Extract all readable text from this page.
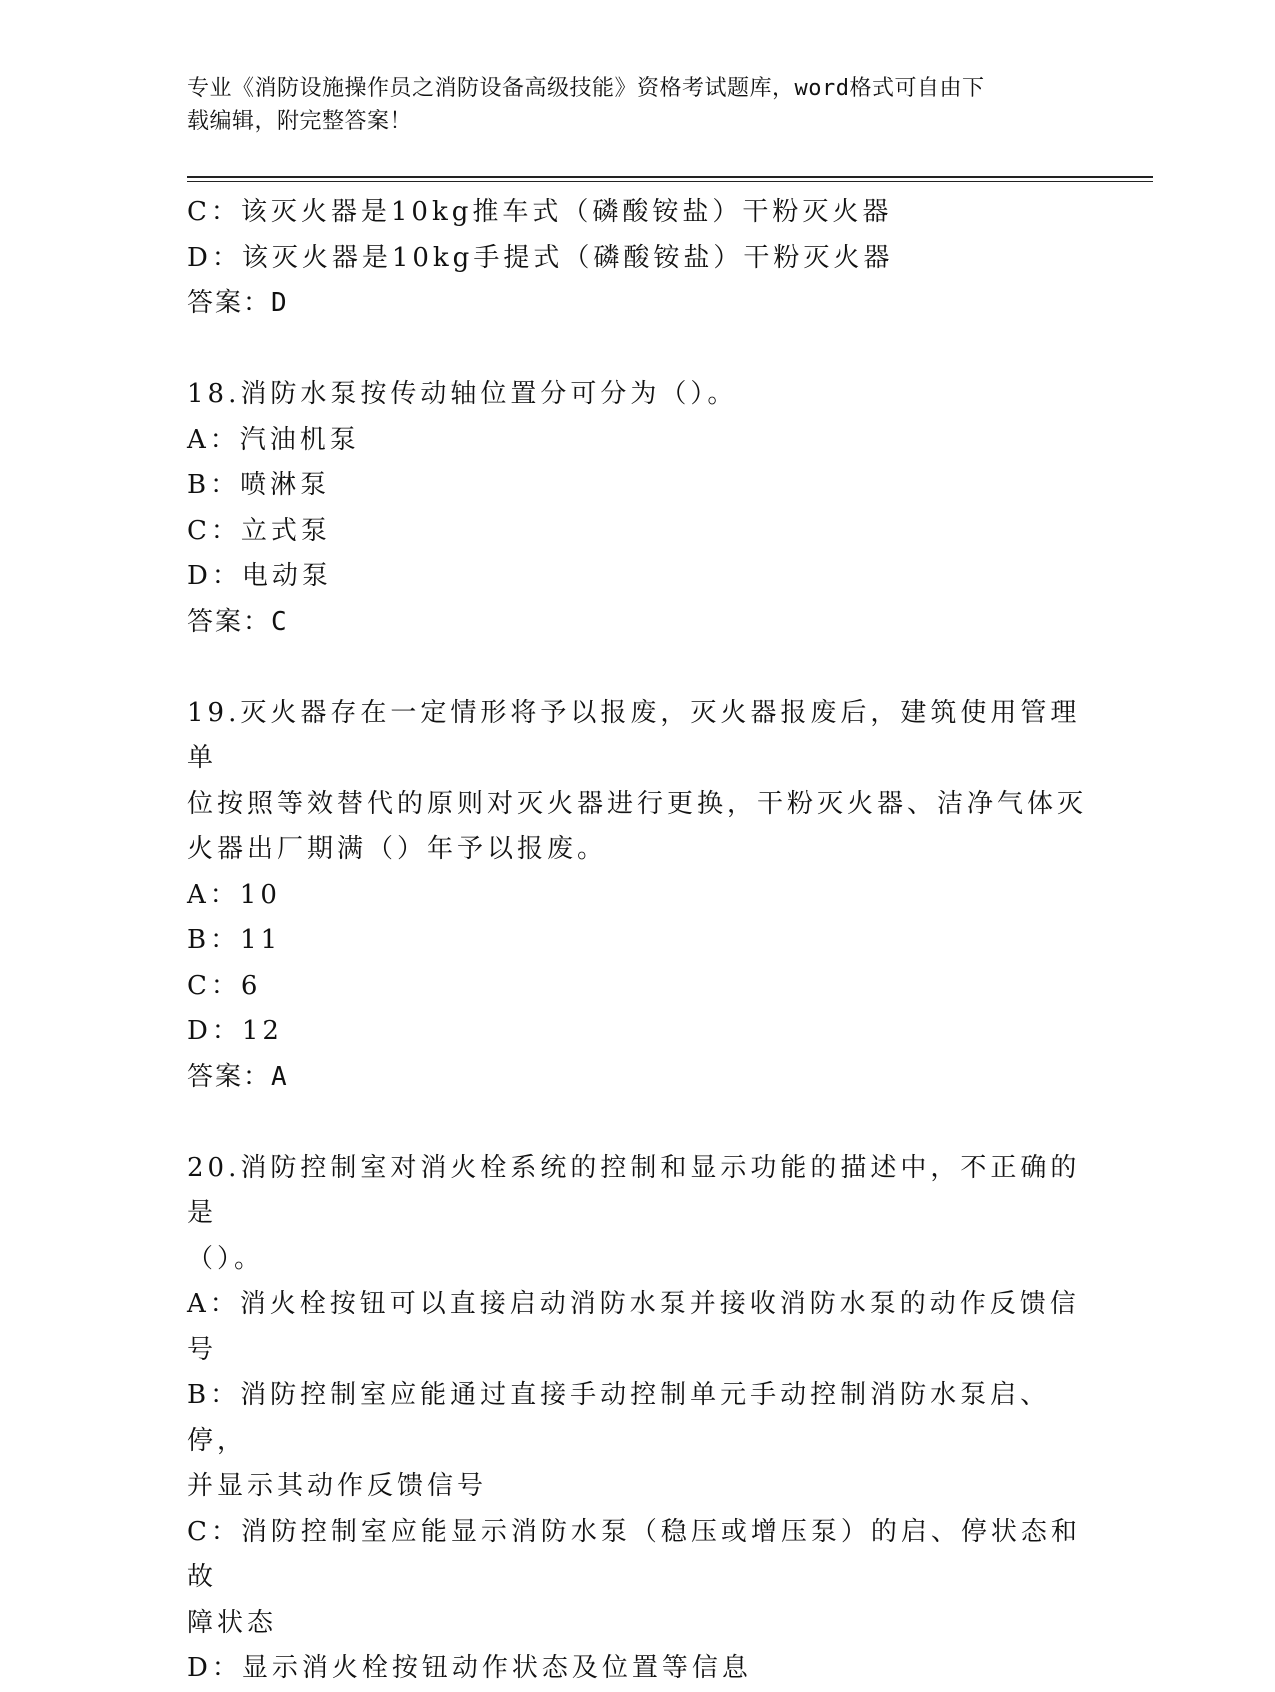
专业《消防设施操作员之消防设备高级技能》资格考试题库，word格式可自由下
载编辑，附完整答案！
C：该灭火器是10kg推车式（磷酸铵盐）干粉灭火器
D：该灭火器是10kg手提式（磷酸铵盐）干粉灭火器
答案：D
18.消防水泵按传动轴位置分可分为（）。
A：汽油机泵
B：喷淋泵
C：立式泵
D：电动泵
答案：C
19.灭火器存在一定情形将予以报废，灭火器报废后，建筑使用管理单
位按照等效替代的原则对灭火器进行更换，干粉灭火器、洁净气体灭
火器出厂期满（）年予以报废。
A：10
B：11
C：6
D：12
答案：A
20.消防控制室对消火栓系统的控制和显示功能的描述中，不正确的是
（）。
A：消火栓按钮可以直接启动消防水泵并接收消防水泵的动作反馈信号
B：消防控制室应能通过直接手动控制单元手动控制消防水泵启、停，
并显示其动作反馈信号
C：消防控制室应能显示消防水泵（稳压或增压泵）的启、停状态和故
障状态
D：显示消火栓按钮动作状态及位置等信息
